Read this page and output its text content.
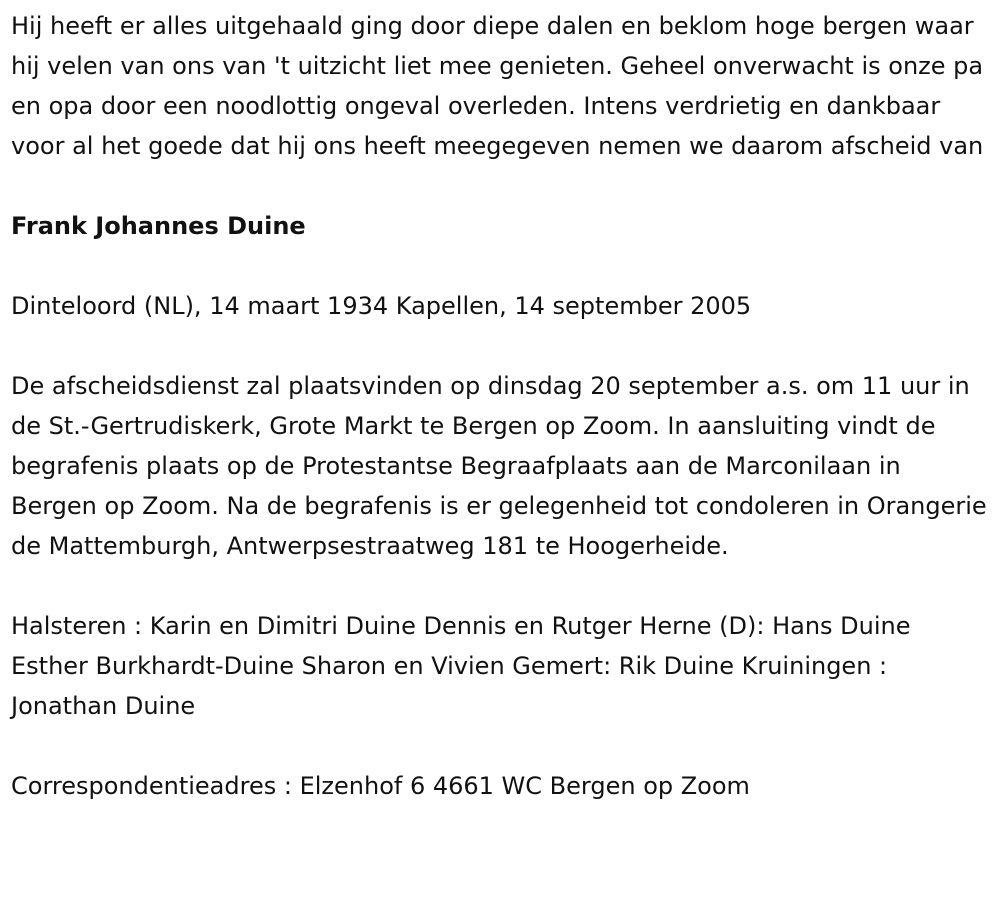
Hij heeft er alles uitgehaald ging door diepe dalen en beklom hoge bergen waar hij velen van ons van 't uitzicht liet mee genieten. Geheel onverwacht is onze pa en opa door een noodlottig ongeval overleden. Intens verdrietig en dankbaar voor al het goede dat hij ons heeft meegegeven nemen we daarom afscheid van

Frank Johannes Duine

Dinteloord (NL), 14 maart 1934 Kapellen, 14 september 2005

De afscheidsdienst zal plaatsvinden op dinsdag 20 september a.s. om 11 uur in de St.-Gertrudiskerk, Grote Markt te Bergen op Zoom. In aansluiting vindt de begrafenis plaats op de Protestantse Begraafplaats aan de Marconilaan in Bergen op Zoom. Na de begrafenis is er gelegenheid tot condoleren in Orangerie de Mattemburgh, Antwerpsestraatweg 181 te Hoogerheide.

Halsteren : Karin en Dimitri Duine Dennis en Rutger Herne (D): Hans Duine Esther Burkhardt-Duine Sharon en Vivien Gemert: Rik Duine Kruiningen : Jonathan Duine

Correspondentieadres : Elzenhof 6 4661 WC Bergen op Zoom
